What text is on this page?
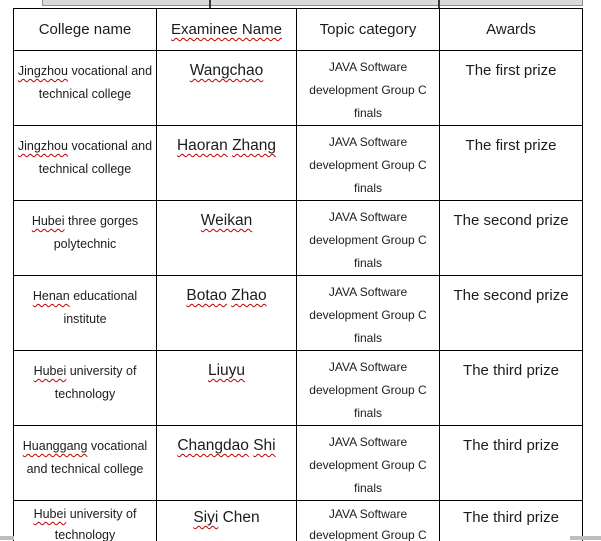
College name	Examinee Name	Topic category	Awards

Jingzhou vocational and
technical college	Wangchao	JAVA Software
development Group C
finals	The first prize

Jingzhou vocational and
technical college	Haoran Zhang	JAVA Software
development Group C
finals	The first prize

Hubei three gorges
polytechnic	Weikan	JAVA Software
development Group C
finals	The second prize

Henan educational
institute	Botao Zhao	JAVA Software
development Group C
finals	The second prize

Hubei university of
technology	Liuyu	JAVA Software
development Group C
finals	The third prize

Huanggang vocational
and technical college	Changdao Shi	JAVA Software
development Group C
finals	The third prize

Hubei university of
technology	Siyi Chen	JAVA Software
development Group C	The third prize
